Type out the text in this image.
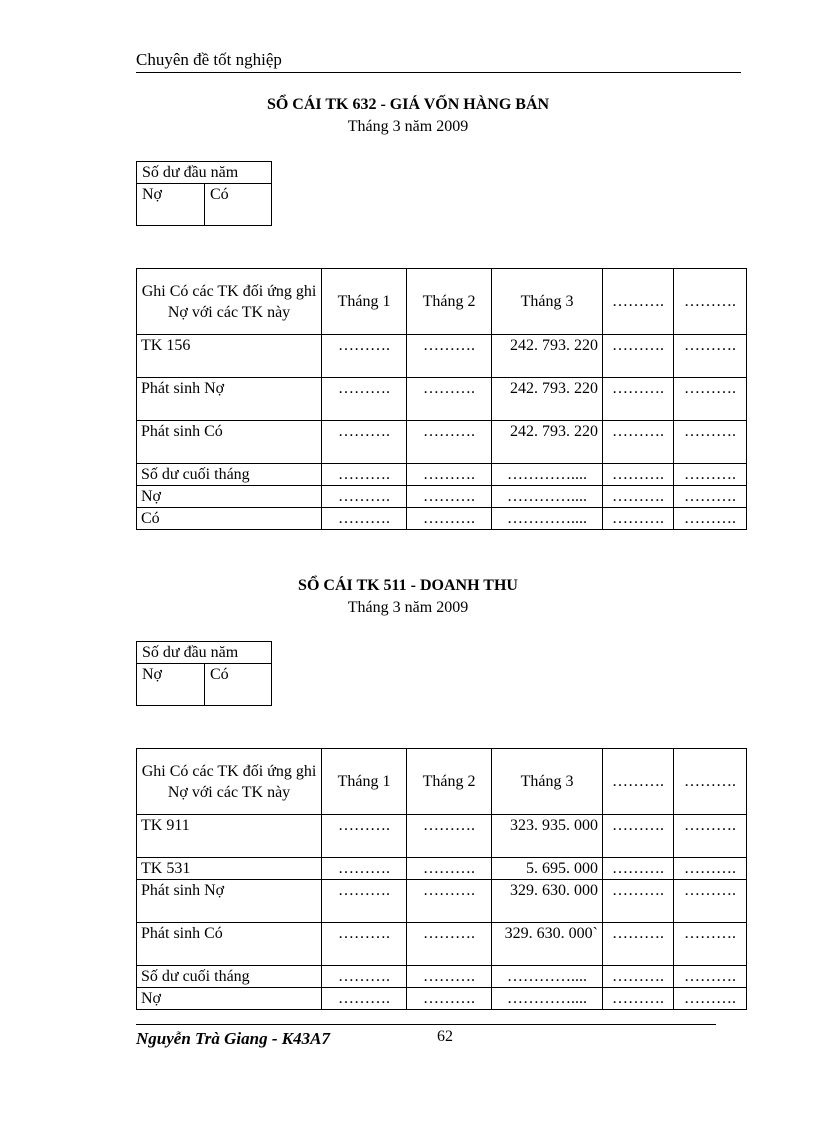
Chuyên đề tốt nghiệp
SỔ CÁI TK 632 - GIÁ VỐN HÀNG BÁN
Tháng 3 năm 2009
Số dư đầu năm
Nợ	Có
Ghi Có các TK đối ứng ghi Nợ với các TK này	Tháng 1	Tháng 2	Tháng 3	……….	……….
TK 156	……….	……….	242. 793. 220	……….	……….
Phát sinh Nợ	……….	……….	242. 793. 220	……….	……….
Phát sinh Có	……….	……….	242. 793. 220	……….	……….
Số dư cuối tháng	……….	……….	…………....	……….	……….
Nợ	……….	……….	…………....	……….	……….
Có	……….	……….	…………....	……….	……….
SỔ CÁI TK 511 - DOANH THU
Tháng 3 năm 2009
Số dư đầu năm
Nợ	Có
Ghi Có các TK đối ứng ghi Nợ với các TK này	Tháng 1	Tháng 2	Tháng 3	……….	……….
TK 911	……….	……….	323. 935. 000	……….	……….
TK 531	……….	……….	5. 695. 000	……….	……….
Phát sinh Nợ	……….	……….	329. 630. 000	……….	……….
Phát sinh Có	……….	……….	329. 630. 000`	……….	……….
Số dư cuối tháng	……….	……….	…………....	……….	……….
Nợ	……….	……….	…………....	……….	……….
Nguyễn Trà Giang - K43A7	62
